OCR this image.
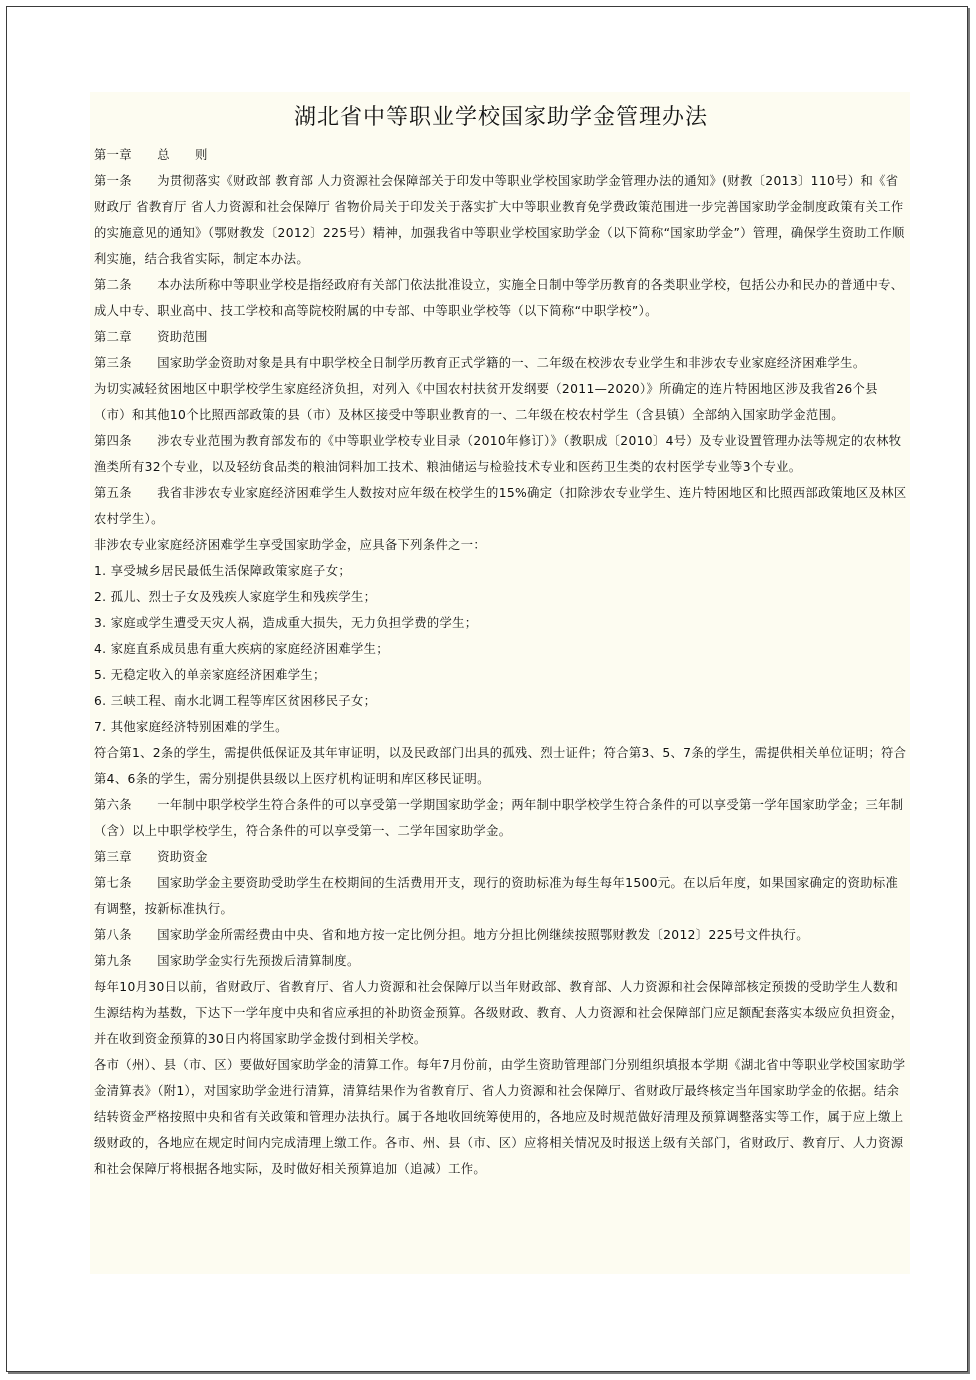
湖北省中等职业学校国家助学金管理办法

第一章　　总　　则

第一条　　为贯彻落实《财政部 教育部 人力资源社会保障部关于印发中等职业学校国家助学金管理办法的通知》(财教〔2013〕110号）和《省财政厅 省教育厅 省人力资源和社会保障厅 省物价局关于印发关于落实扩大中等职业教育免学费政策范围进一步完善国家助学金制度政策有关工作的实施意见的通知》（鄂财教发〔2012〕225号）精神，加强我省中等职业学校国家助学金（以下简称“国家助学金”）管理，确保学生资助工作顺利实施，结合我省实际，制定本办法。

第二条　　本办法所称中等职业学校是指经政府有关部门依法批准设立，实施全日制中等学历教育的各类职业学校，包括公办和民办的普通中专、成人中专、职业高中、技工学校和高等院校附属的中专部、中等职业学校等（以下简称“中职学校”）。

第二章　　资助范围

第三条　　国家助学金资助对象是具有中职学校全日制学历教育正式学籍的一、二年级在校涉农专业学生和非涉农专业家庭经济困难学生。

为切实减轻贫困地区中职学校学生家庭经济负担，对列入《中国农村扶贫开发纲要（2011—2020）》所确定的连片特困地区涉及我省26个县（市）和其他10个比照西部政策的县（市）及林区接受中等职业教育的一、二年级在校农村学生（含县镇）全部纳入国家助学金范围。

第四条　　涉农专业范围为教育部发布的《中等职业学校专业目录（2010年修订）》（教职成〔2010〕4号）及专业设置管理办法等规定的农林牧渔类所有32个专业，以及轻纺食品类的粮油饲料加工技术、粮油储运与检验技术专业和医药卫生类的农村医学专业等3个专业。

第五条　　我省非涉农专业家庭经济困难学生人数按对应年级在校学生的15%确定（扣除涉农专业学生、连片特困地区和比照西部政策地区及林区农村学生）。

非涉农专业家庭经济困难学生享受国家助学金，应具备下列条件之一：

1. 享受城乡居民最低生活保障政策家庭子女；

2. 孤儿、烈士子女及残疾人家庭学生和残疾学生；

3. 家庭或学生遭受天灾人祸，造成重大损失，无力负担学费的学生；

4. 家庭直系成员患有重大疾病的家庭经济困难学生；

5. 无稳定收入的单亲家庭经济困难学生；

6. 三峡工程、南水北调工程等库区贫困移民子女；

7. 其他家庭经济特别困难的学生。

符合第1、2条的学生，需提供低保证及其年审证明，以及民政部门出具的孤残、烈士证件；符合第3、5、7条的学生，需提供相关单位证明；符合第4、6条的学生，需分别提供县级以上医疗机构证明和库区移民证明。

第六条　　一年制中职学校学生符合条件的可以享受第一学期国家助学金；两年制中职学校学生符合条件的可以享受第一学年国家助学金；三年制（含）以上中职学校学生，符合条件的可以享受第一、二学年国家助学金。

第三章　　资助资金

第七条　　国家助学金主要资助受助学生在校期间的生活费用开支，现行的资助标准为每生每年1500元。在以后年度，如果国家确定的资助标准有调整，按新标准执行。

第八条　　国家助学金所需经费由中央、省和地方按一定比例分担。地方分担比例继续按照鄂财教发〔2012〕225号文件执行。

第九条　　国家助学金实行先预拨后清算制度。

每年10月30日以前，省财政厅、省教育厅、省人力资源和社会保障厅以当年财政部、教育部、人力资源和社会保障部核定预拨的受助学生人数和生源结构为基数，下达下一学年度中央和省应承担的补助资金预算。各级财政、教育、人力资源和社会保障部门应足额配套落实本级应负担资金，并在收到资金预算的30日内将国家助学金拨付到相关学校。

各市（州）、县（市、区）要做好国家助学金的清算工作。每年7月份前，由学生资助管理部门分别组织填报本学期《湖北省中等职业学校国家助学金清算表》（附1），对国家助学金进行清算，清算结果作为省教育厅、省人力资源和社会保障厅、省财政厅最终核定当年国家助学金的依据。结余结转资金严格按照中央和省有关政策和管理办法执行。属于各地收回统筹使用的，各地应及时规范做好清理及预算调整落实等工作，属于应上缴上级财政的，各地应在规定时间内完成清理上缴工作。各市、州、县（市、区）应将相关情况及时报送上级有关部门，省财政厅、教育厅、人力资源和社会保障厅将根据各地实际，及时做好相关预算追加（追减）工作。
